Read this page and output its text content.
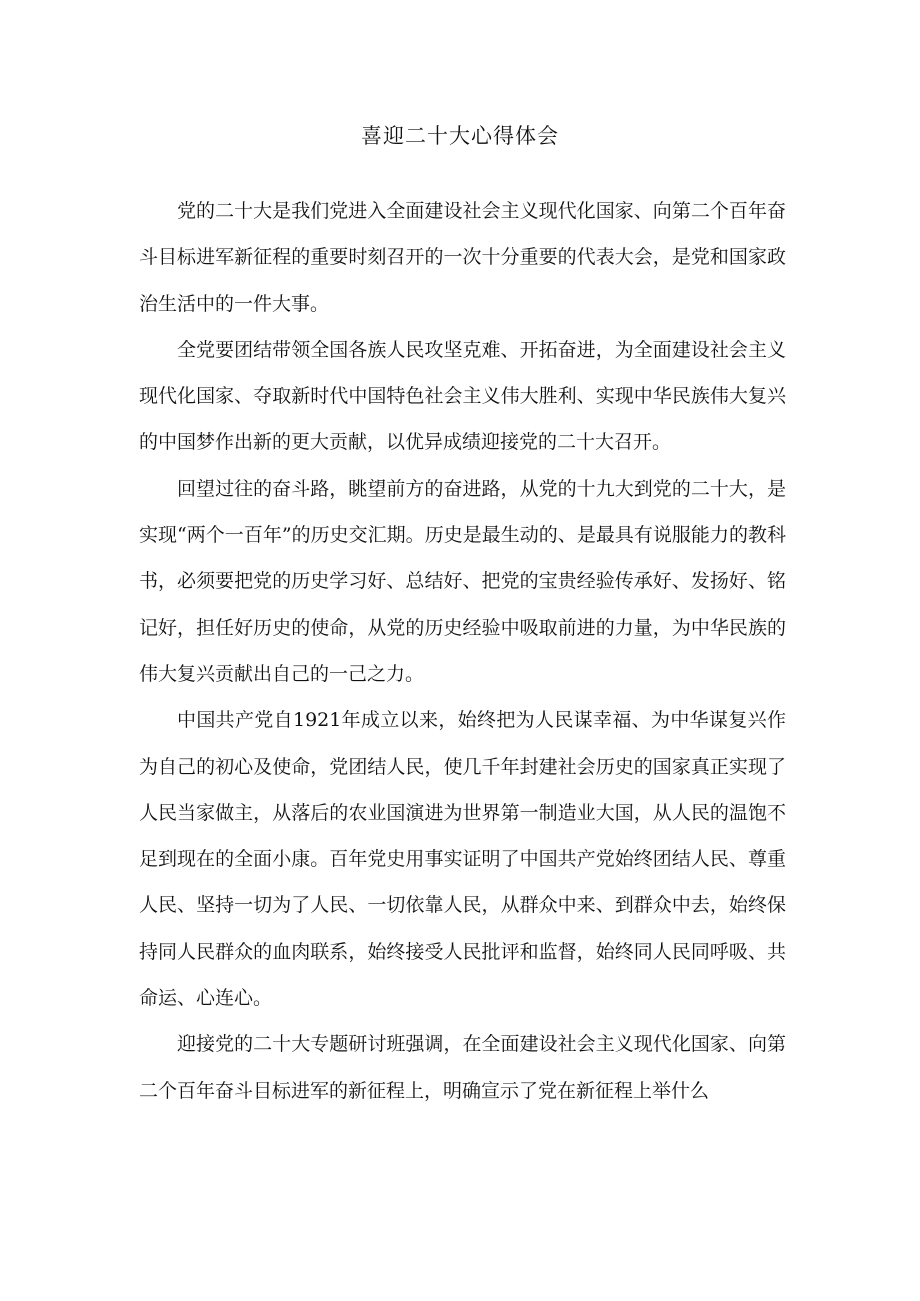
喜迎二十大心得体会

党的二十大是我们党进入全面建设社会主义现代化国家、向第二个百年奋斗目标进军新征程的重要时刻召开的一次十分重要的代表大会，是党和国家政治生活中的一件大事。

全党要团结带领全国各族人民攻坚克难、开拓奋进，为全面建设社会主义现代化国家、夺取新时代中国特色社会主义伟大胜利、实现中华民族伟大复兴的中国梦作出新的更大贡献，以优异成绩迎接党的二十大召开。

回望过往的奋斗路，眺望前方的奋进路，从党的十九大到党的二十大，是实现“两个一百年”的历史交汇期。历史是最生动的、是最具有说服能力的教科书，必须要把党的历史学习好、总结好、把党的宝贵经验传承好、发扬好、铭记好，担任好历史的使命，从党的历史经验中吸取前进的力量，为中华民族的伟大复兴贡献出自己的一己之力。

中国共产党自1921年成立以来，始终把为人民谋幸福、为中华谋复兴作为自己的初心及使命，党团结人民，使几千年封建社会历史的国家真正实现了人民当家做主，从落后的农业国演进为世界第一制造业大国，从人民的温饱不足到现在的全面小康。百年党史用事实证明了中国共产党始终团结人民、尊重人民、坚持一切为了人民、一切依靠人民，从群众中来、到群众中去，始终保持同人民群众的血肉联系，始终接受人民批评和监督，始终同人民同呼吸、共命运、心连心。

迎接党的二十大专题研讨班强调，在全面建设社会主义现代化国家、向第二个百年奋斗目标进军的新征程上，明确宣示了党在新征程上举什么
